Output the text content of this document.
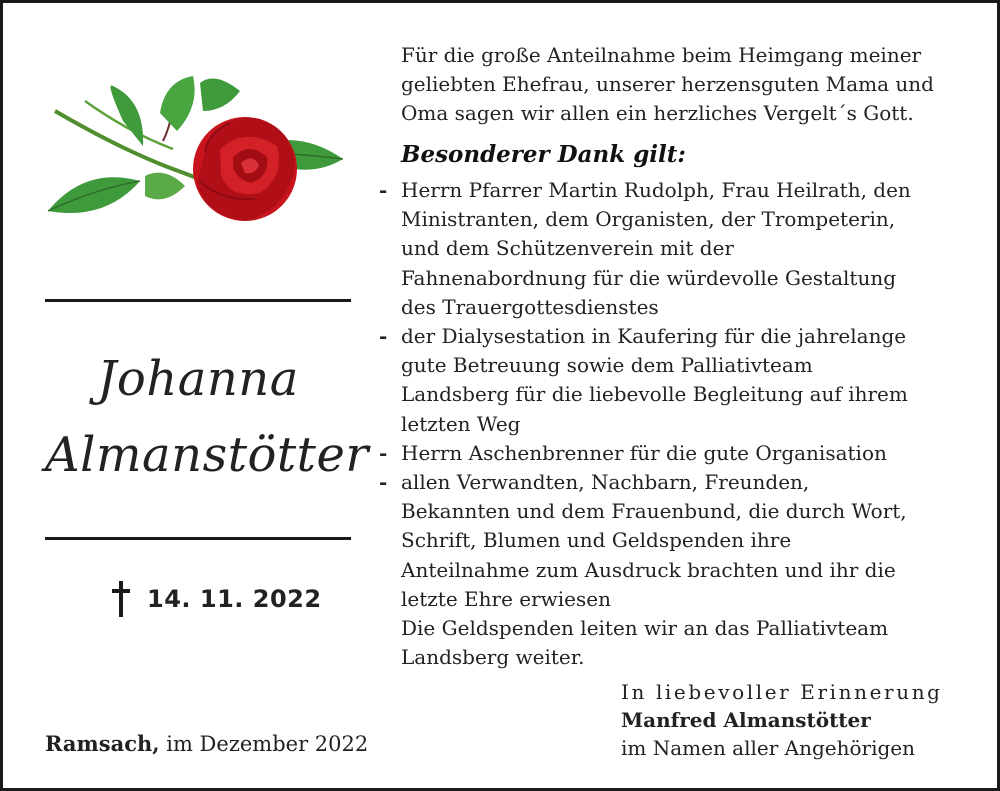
Johanna
Almanstötter
14. 11. 2022
Ramsach, im Dezember 2022
Für die große Anteilnahme beim Heimgang meiner
geliebten Ehefrau, unserer herzensguten Mama und
Oma sagen wir allen ein herzliches Vergelt´s Gott.
Besonderer Dank gilt:
- Herrn Pfarrer Martin Rudolph, Frau Heilrath, den
Ministranten, dem Organisten, der Trompeterin,
und dem Schützenverein mit der
Fahnenabordnung für die würdevolle Gestaltung
des Trauergottesdienstes
- der Dialysestation in Kaufering für die jahrelange
gute Betreuung sowie dem Palliativteam
Landsberg für die liebevolle Begleitung auf ihrem
letzten Weg
- Herrn Aschenbrenner für die gute Organisation
- allen Verwandten, Nachbarn, Freunden,
Bekannten und dem Frauenbund, die durch Wort,
Schrift, Blumen und Geldspenden ihre
Anteilnahme zum Ausdruck brachten und ihr die
letzte Ehre erwiesen
Die Geldspenden leiten wir an das Palliativteam
Landsberg weiter.
In liebevoller Erinnerung
Manfred Almanstötter
im Namen aller Angehörigen
